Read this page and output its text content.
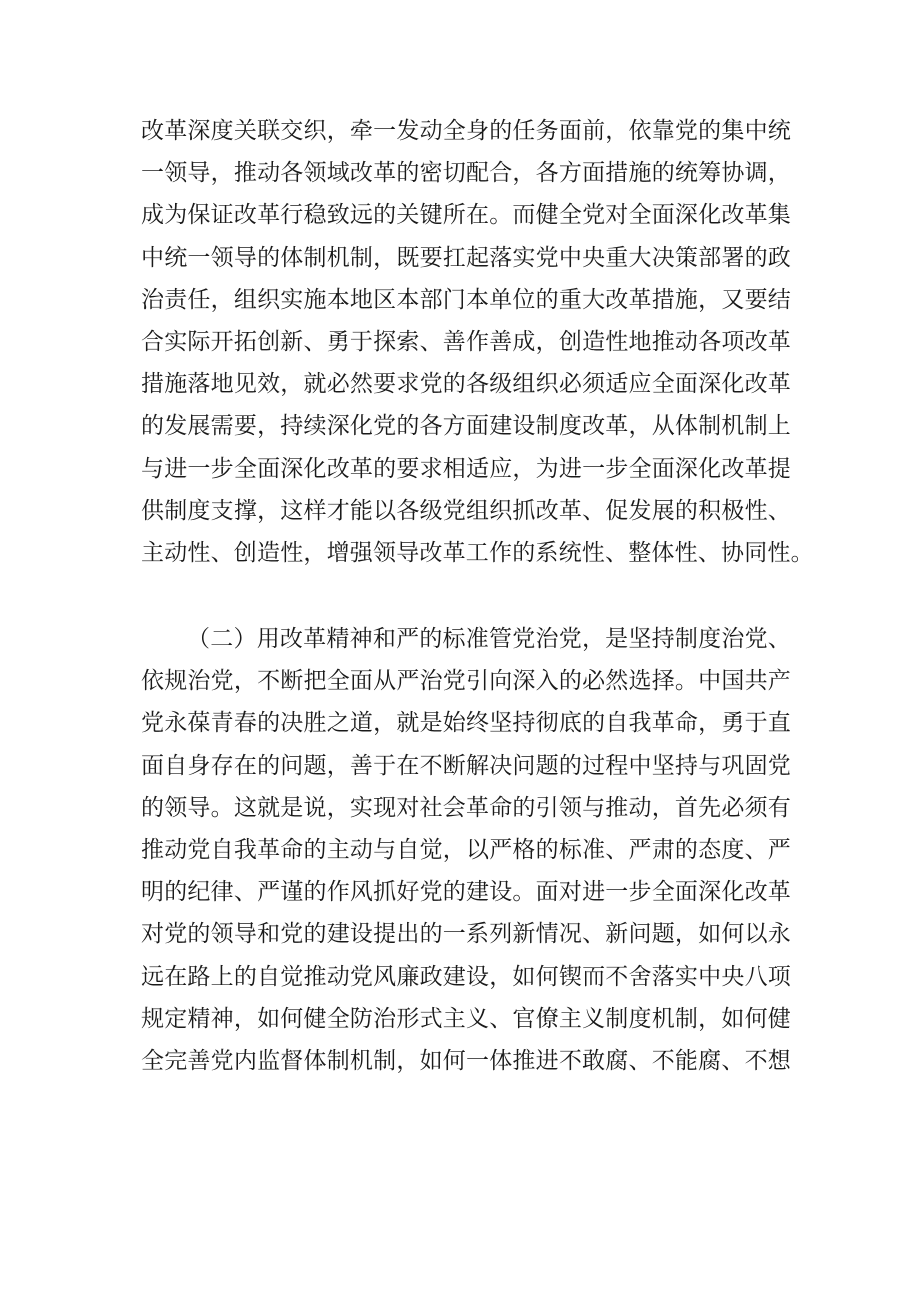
改革深度关联交织，牵一发动全身的任务面前，依靠党的集中统
一领导，推动各领域改革的密切配合，各方面措施的统筹协调，
成为保证改革行稳致远的关键所在。而健全党对全面深化改革集
中统一领导的体制机制，既要扛起落实党中央重大决策部署的政
治责任，组织实施本地区本部门本单位的重大改革措施，又要结
合实际开拓创新、勇于探索、善作善成，创造性地推动各项改革
措施落地见效，就必然要求党的各级组织必须适应全面深化改革
的发展需要，持续深化党的各方面建设制度改革，从体制机制上
与进一步全面深化改革的要求相适应，为进一步全面深化改革提
供制度支撑，这样才能以各级党组织抓改革、促发展的积极性、
主动性、创造性，增强领导改革工作的系统性、整体性、协同性。
（二）用改革精神和严的标准管党治党，是坚持制度治党、
依规治党，不断把全面从严治党引向深入的必然选择。中国共产
党永葆青春的决胜之道，就是始终坚持彻底的自我革命，勇于直
面自身存在的问题，善于在不断解决问题的过程中坚持与巩固党
的领导。这就是说，实现对社会革命的引领与推动，首先必须有
推动党自我革命的主动与自觉，以严格的标准、严肃的态度、严
明的纪律、严谨的作风抓好党的建设。面对进一步全面深化改革
对党的领导和党的建设提出的一系列新情况、新问题，如何以永
远在路上的自觉推动党风廉政建设，如何锲而不舍落实中央八项
规定精神，如何健全防治形式主义、官僚主义制度机制，如何健
全完善党内监督体制机制，如何一体推进不敢腐、不能腐、不想
